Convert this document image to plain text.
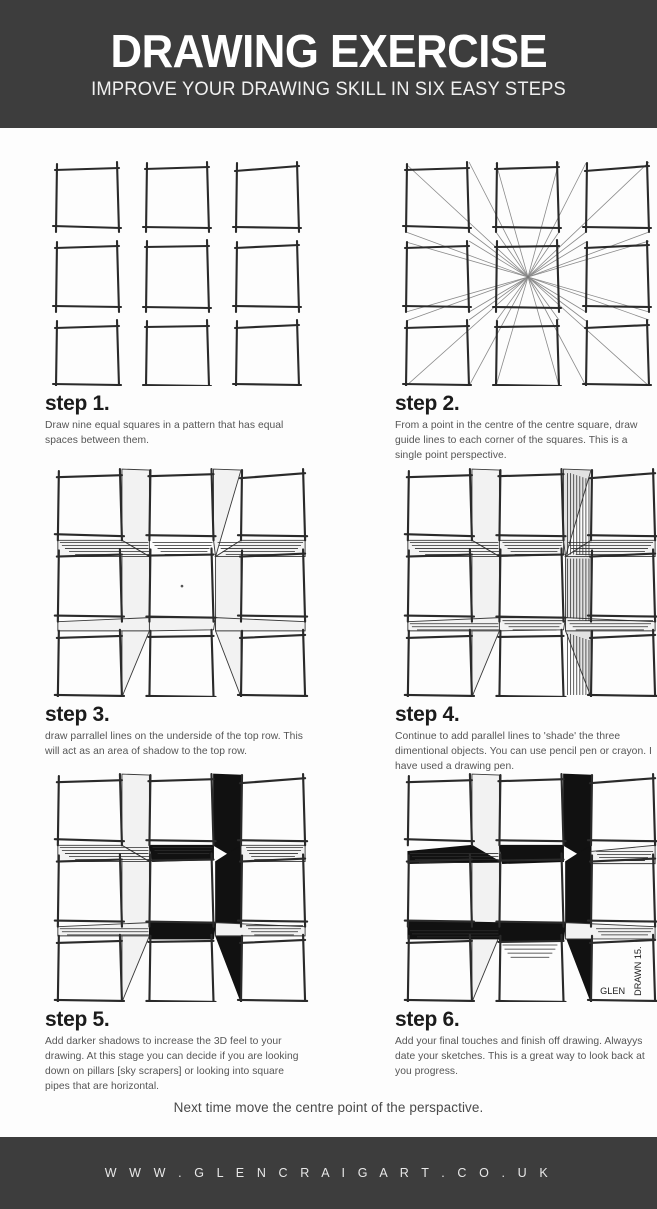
DRAWING EXERCISE
IMPROVE YOUR DRAWING SKILL IN SIX EASY STEPS
step 1.

Draw nine equal squares in a pattern that has equal spaces between them.

step 2.

From a point in the centre of the centre square, draw guide lines to each corner of the squares. This is a single point perspective.

step 3.

draw parrallel lines on the underside of the top row. This will act as an area of shadow to the top row.

step 4.

Continue to add parallel lines to 'shade' the three dimentional objects. You can use pencil pen or crayon. I have used a drawing pen.

step 5.

Add darker shadows to increase the 3D feel to your drawing. At this stage you can decide if you are looking down on pillars [sky scrapers] or looking into square pipes that are horizontal.

GLEN DRAWN 15.
step 6.

Add your final touches and finish off drawing. Alwayys date your sketches. This is a great way to look back at you progress.

Next time move the centre point of the perspactive.
W W W . G L E N C R A I G A R T . C O . U K
